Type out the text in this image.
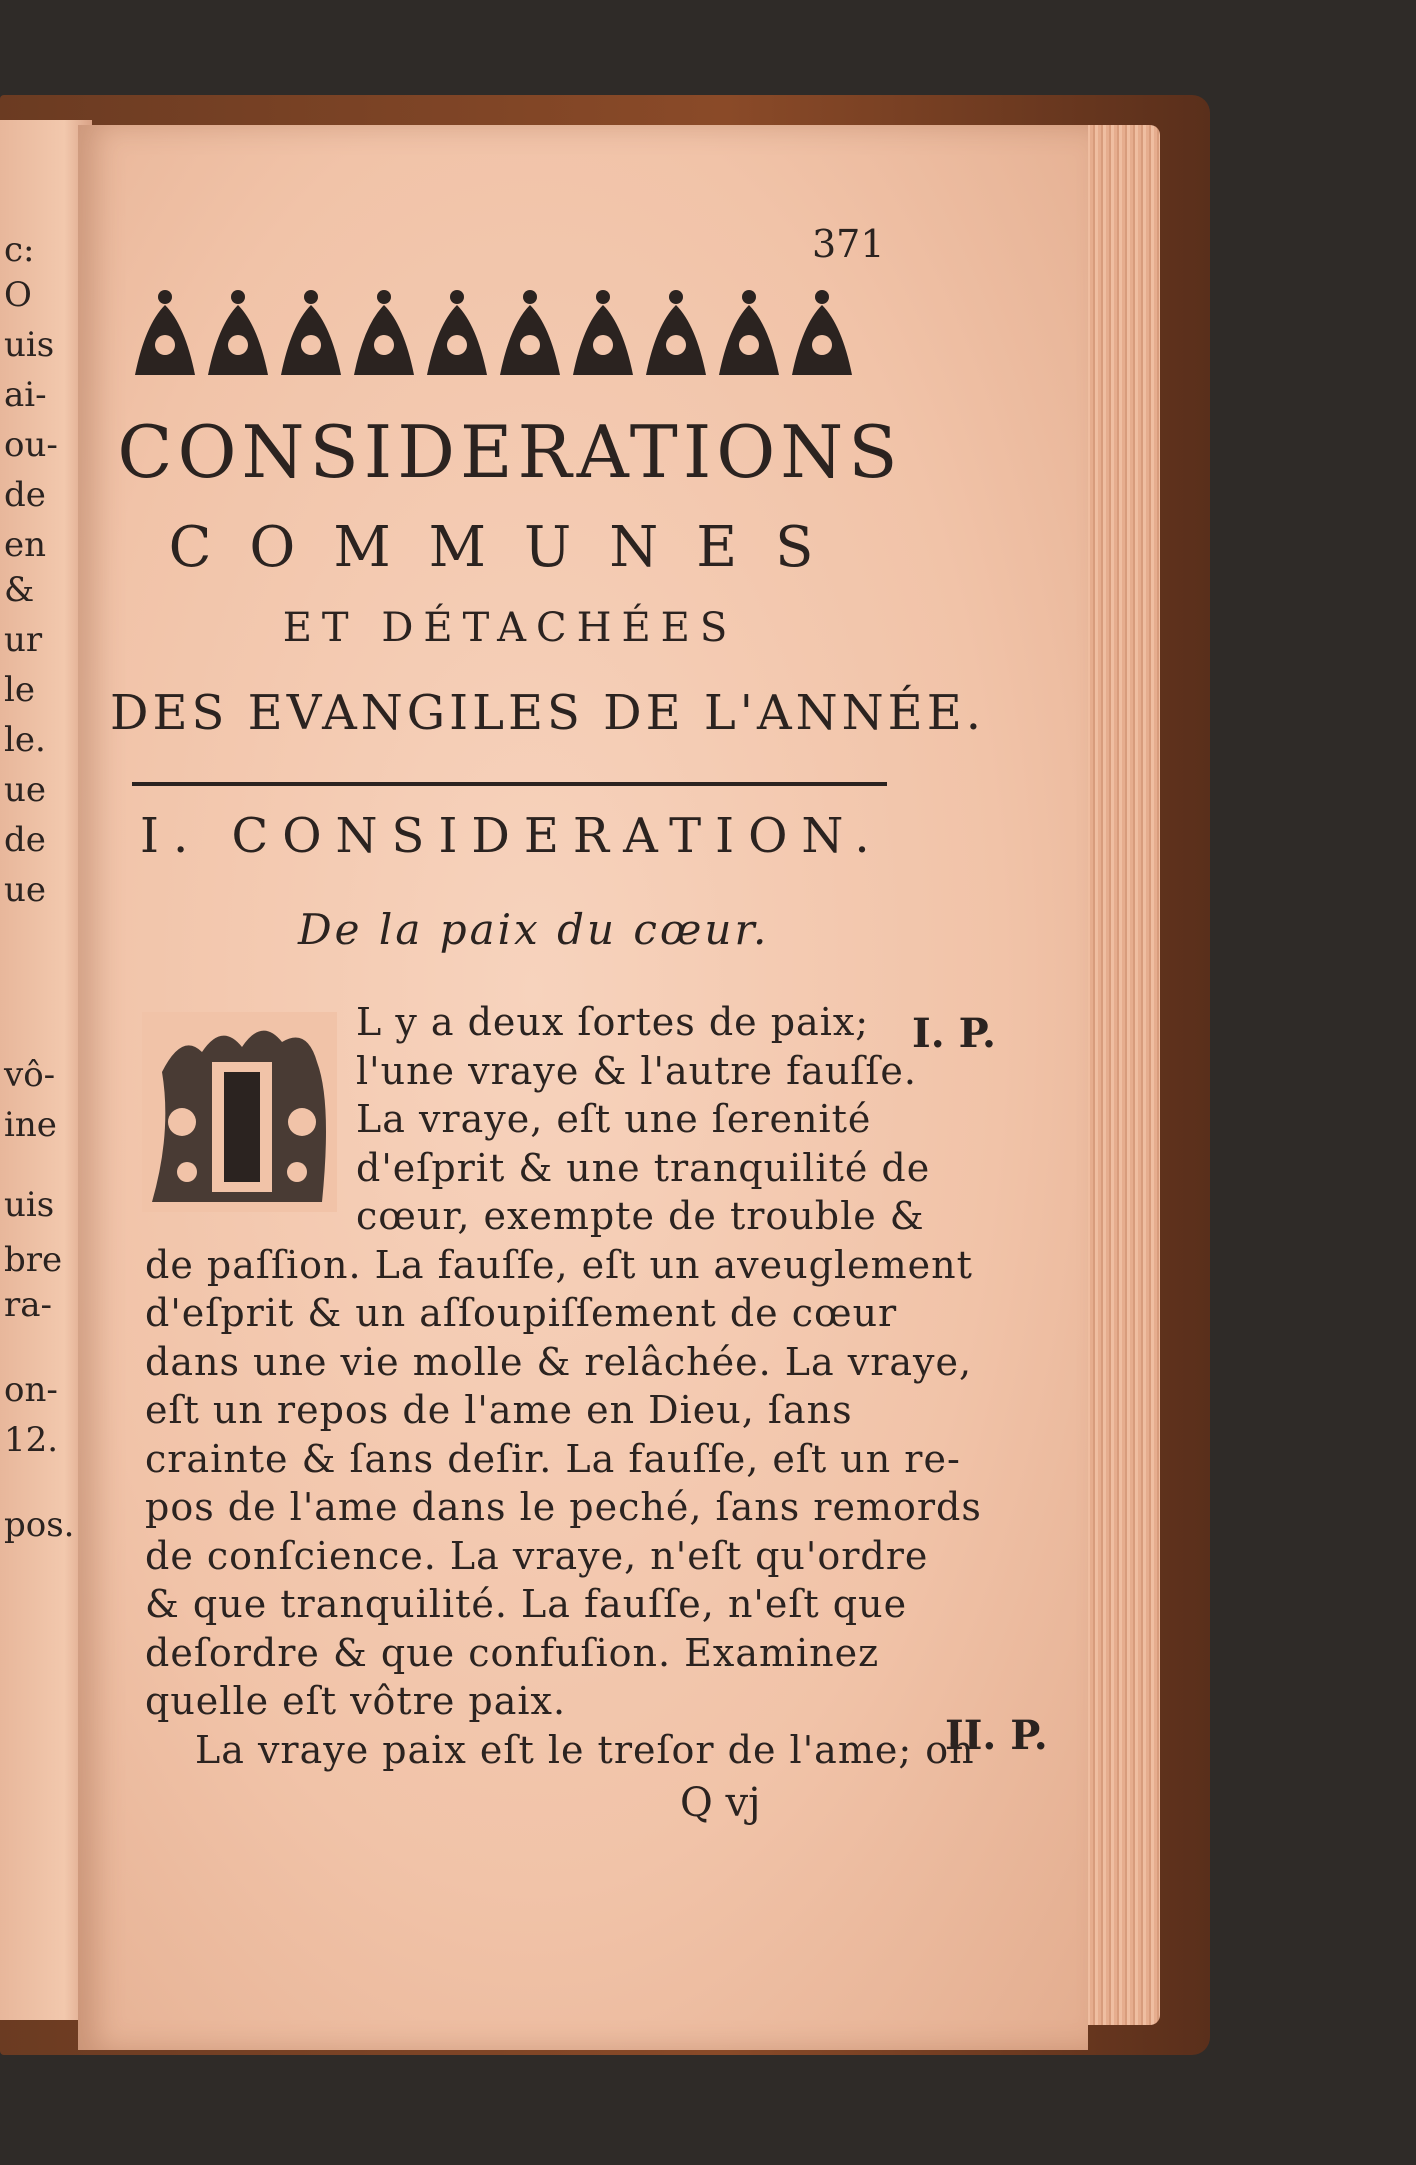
c:
O
uis
ai-
ou-
de
en
&
ur
le
le.
ue
de
ue
vô-
ine
uis
bre
ra-
on-
12.
pos.
371
CONSIDERATIONS
COMMUNES
ET DÉTACHÉES
DES EVANGILES DE L'ANNÉE.
I. CONSIDERATION.
De la paix du cœur.
L y a deux ſortes de paix;
l'une vraye & l'autre fauſſe.
La vraye, eſt une ſerenité
d'eſprit & une tranquilité de
cœur, exempte de trouble &
de paſſion. La fauſſe, eſt un aveuglement
d'eſprit & un aſſoupiſſement de cœur
dans une vie molle & relâchée. La vraye,
eſt un repos de l'ame en Dieu, ſans
crainte & ſans deſir. La fauſſe, eſt un re-
pos de l'ame dans le peché, ſans remords
de conſcience. La vraye, n'eſt qu'ordre
& que tranquilité. La fauſſe, n'eſt que
deſordre & que confuſion. Examinez
quelle eſt vôtre paix.
La vraye paix eſt le treſor de l'ame; on
I. P.
II. P.
Q vj
